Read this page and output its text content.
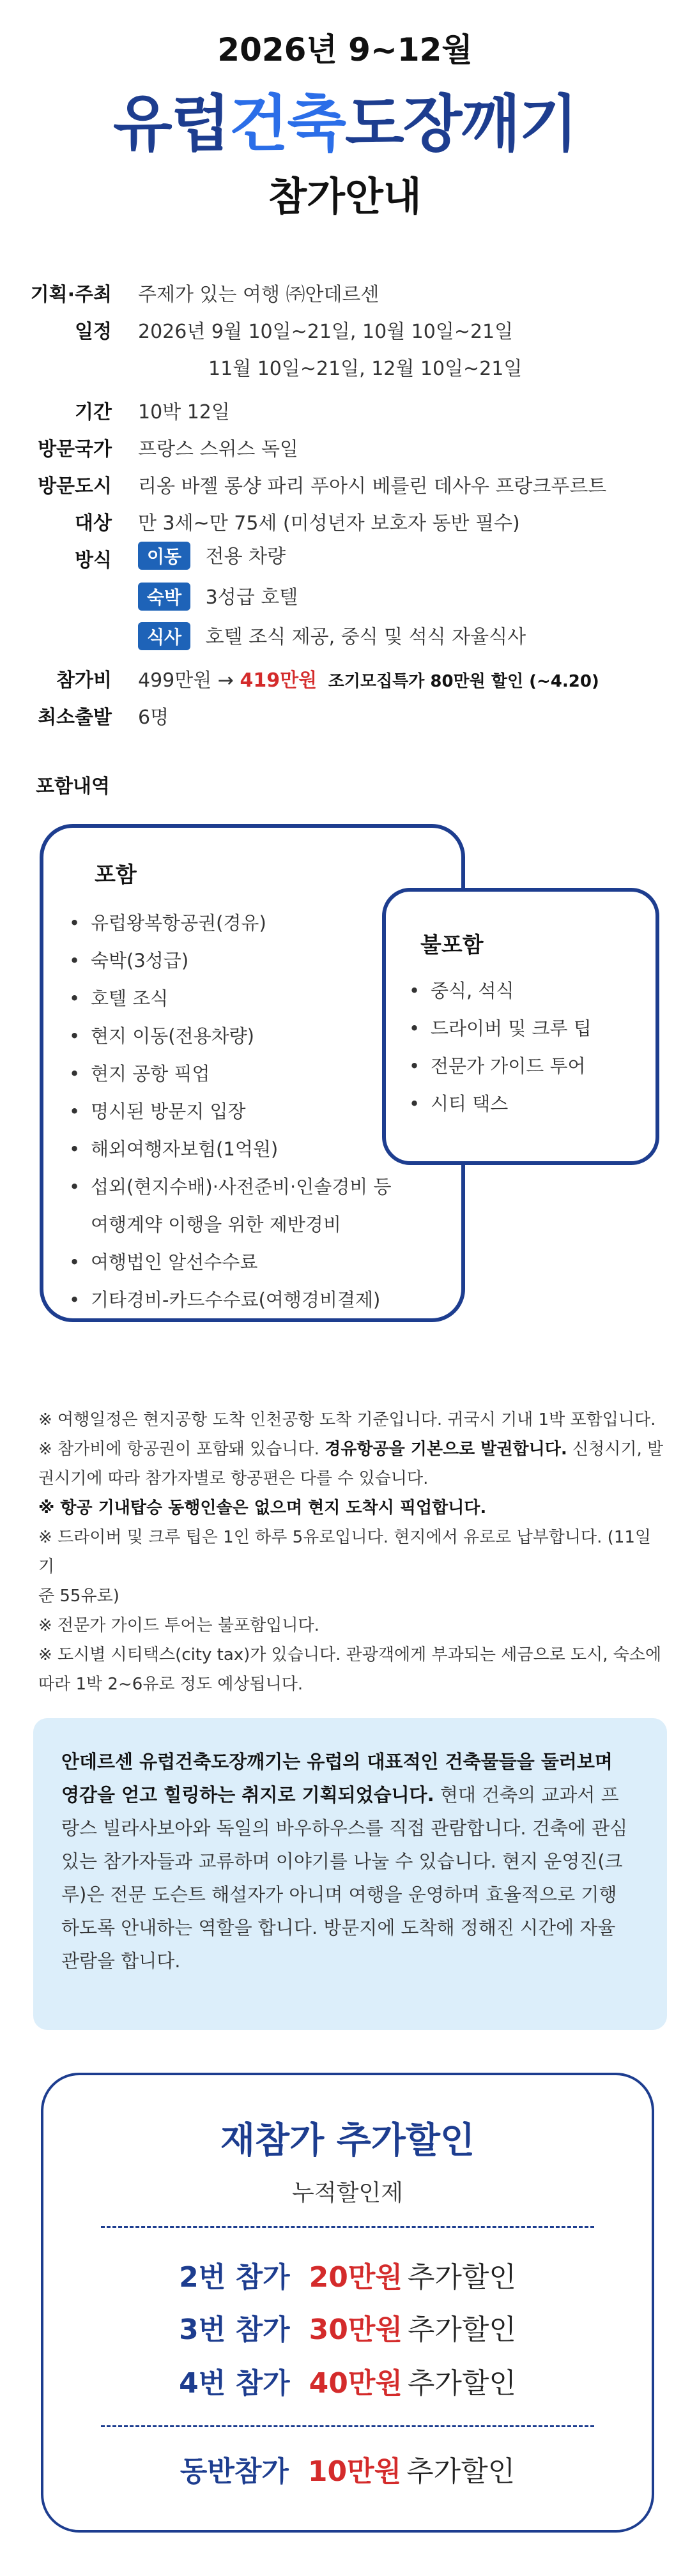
2026년 9~12월
유럽건축도장깨기
참가안내
기획·주최 주제가 있는 여행 ㈜안데르센
일정 2026년 9월 10일~21일, 10월 10일~21일
11월 10일~21일, 12월 10일~21일
기간 10박 12일
방문국가 프랑스 스위스 독일
방문도시 리옹 바젤 롱샹 파리 푸아시 베를린 데사우 프랑크푸르트
대상 만 3세~만 75세 (미성년자 보호자 동반 필수)
방식	이동 전용 차량
숙박 3성급 호텔
식사 호텔 조식 제공, 중식 및 석식 자율식사
참가비 499만원 → 419만원 조기모집특가 80만원 할인 (~4.20)
최소출발 6명
포함내역
포함
• 유럽왕복항공권(경유)
• 숙박(3성급)
• 호텔 조식
• 현지 이동(전용차량)
• 현지 공항 픽업
• 명시된 방문지 입장
• 해외여행자보험(1억원)
• 섭외(현지수배)·사전준비·인솔경비 등
여행계약 이행을 위한 제반경비
• 여행법인 알선수수료
• 기타경비-카드수수료(여행경비결제)
불포함
• 중식, 석식
• 드라이버 및 크루 팁
• 전문가 가이드 투어
• 시티 택스

※ 여행일정은 현지공항 도착 인천공항 도착 기준입니다. 귀국시 기내 1박 포함입니다.

※ 참가비에 항공권이 포함돼 있습니다. 경유항공을 기본으로 발권합니다. 신청시기, 발

권시기에 따라 참가자별로 항공편은 다를 수 있습니다.

※ 항공 기내탑승 동행인솔은 없으며 현지 도착시 픽업합니다.

※ 드라이버 및 크루 팁은 1인 하루 5유로입니다. 현지에서 유로로 납부합니다. (11일 기

준 55유로)

※ 전문가 가이드 투어는 불포함입니다.

※ 도시별 시티택스(city tax)가 있습니다. 관광객에게 부과되는 세금으로 도시, 숙소에

따라 1박 2~6유로 정도 예상됩니다.

안데르센 유럽건축도장깨기는 유럽의 대표적인 건축물들을 둘러보며
영감을 얻고 힐링하는 취지로 기획되었습니다. 현대 건축의 교과서 프
랑스 빌라사보아와 독일의 바우하우스를 직접 관람합니다. 건축에 관심
있는 참가자들과 교류하며 이야기를 나눌 수 있습니다. 현지 운영진(크
루)은 전문 도슨트 해설자가 아니며 여행을 운영하며 효율적으로 기행
하도록 안내하는 역할을 합니다. 방문지에 도착해 정해진 시간에 자율
관람을 합니다.
재참가 추가할인
누적할인제
2번 참가 20만원 추가할인
3번 참가 30만원 추가할인
4번 참가 40만원 추가할인
동반참가 10만원 추가할인
